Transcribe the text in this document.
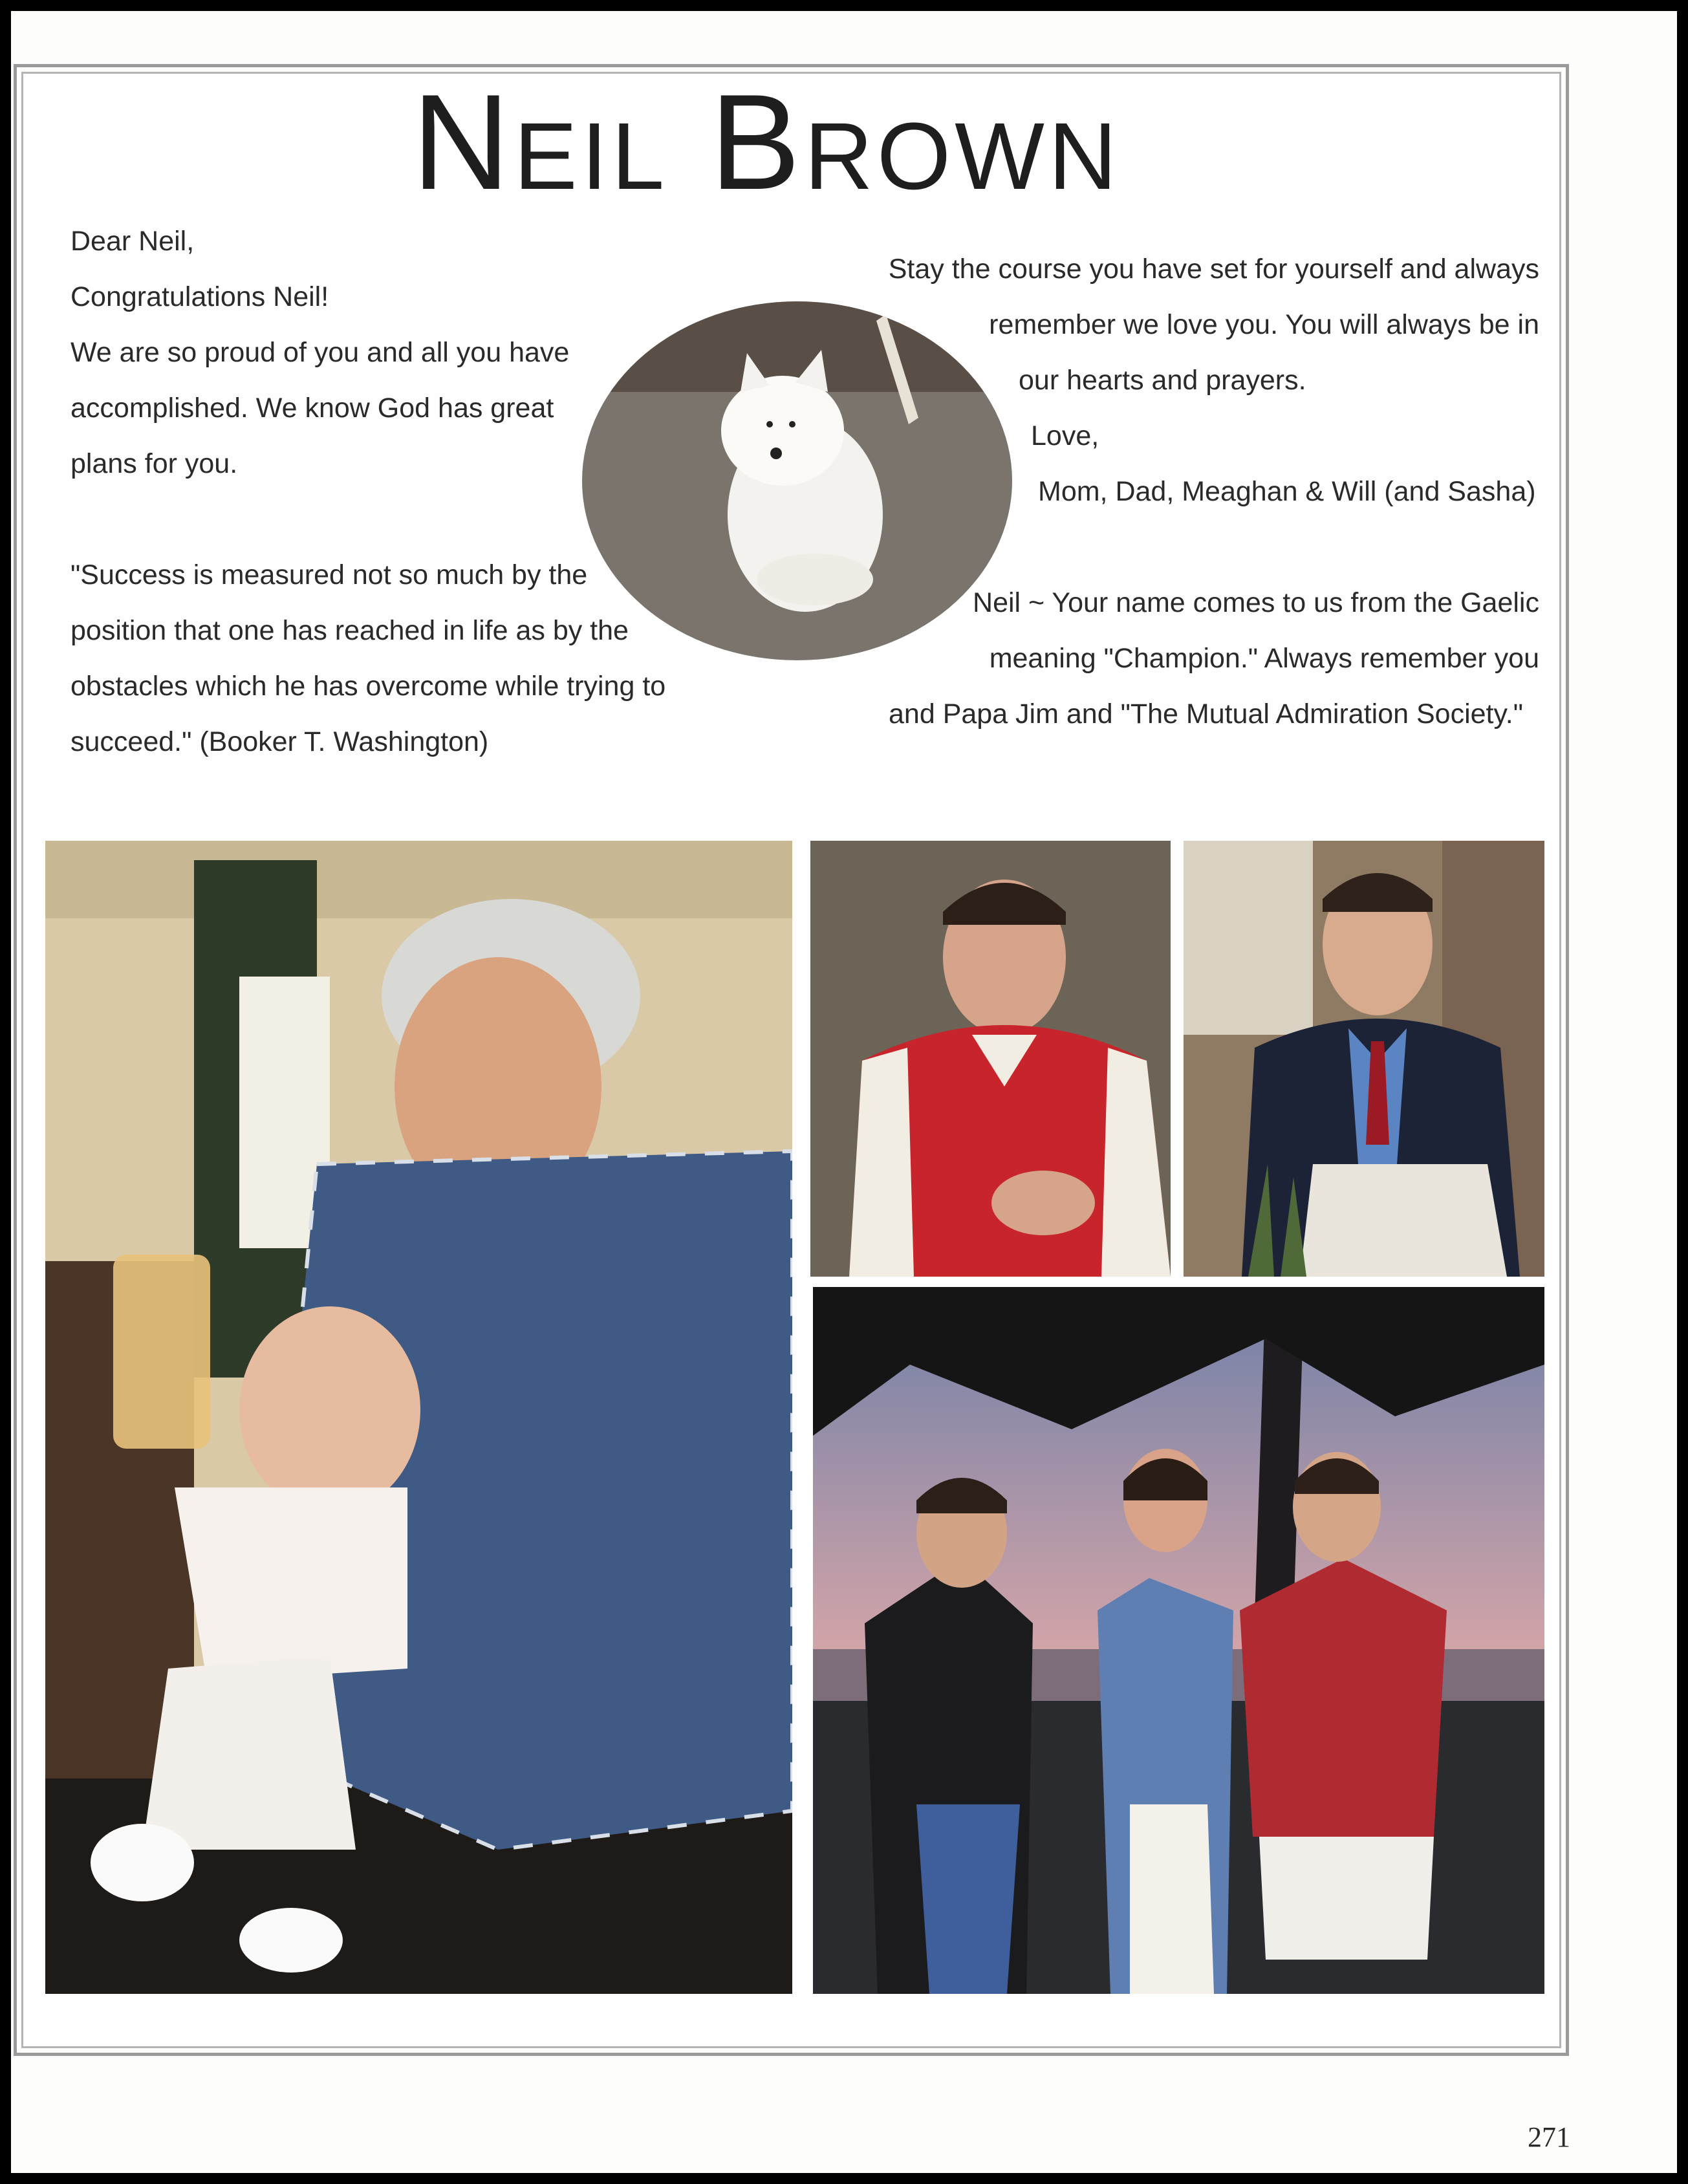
Neil Brown
Dear Neil,
Congratulations Neil!
We are so proud of you and all you have
accomplished. We know God has great
plans for you.
"Success is measured not so much by the
position that one has reached in life as by the
obstacles which he has overcome while trying to
succeed." (Booker T. Washington)
Stay the course you have set for yourself and always
remember we love you. You will always be in
our hearts and prayers.
Love,
Mom, Dad, Meaghan & Will (and Sasha)
Neil ~ Your name comes to us from the Gaelic
meaning "Champion." Always remember you
and Papa Jim and "The Mutual Admiration Society."
271
